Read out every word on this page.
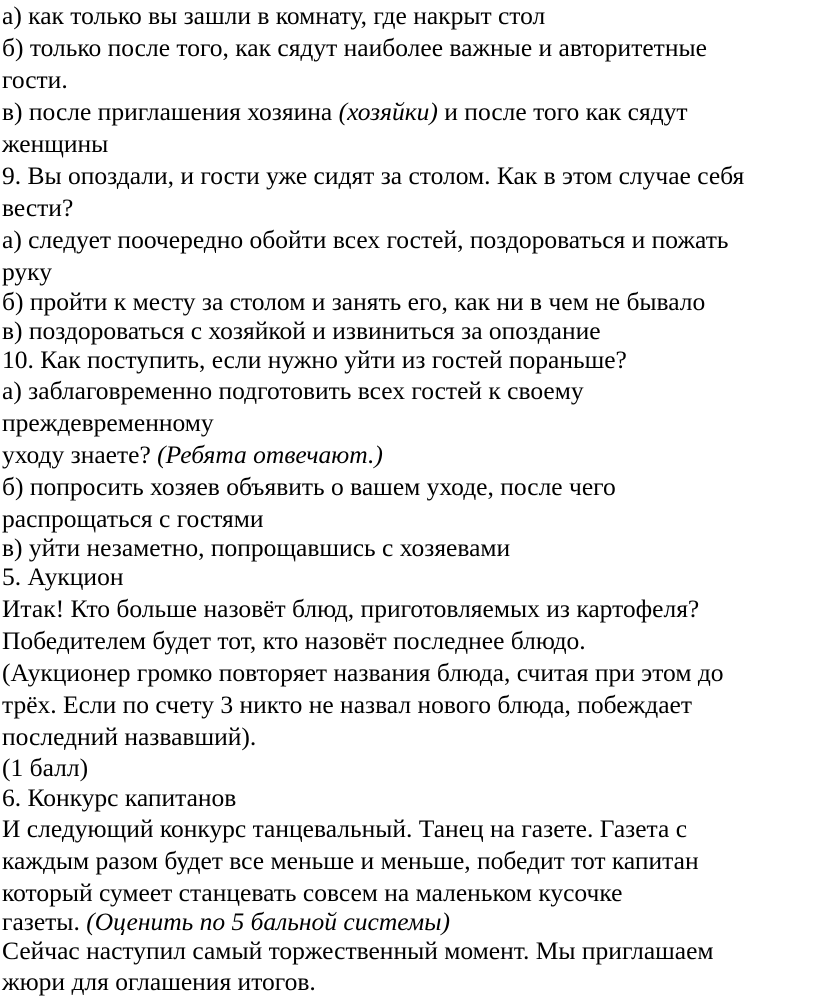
а) как только вы зашли в комнату, где накрыт стол

б) только после того, как сядут наиболее важные и авторитетные

гости.

в) после приглашения хозяина (хозяйки) и после того как сядут

женщины

9. Вы опоздали, и гости уже сидят за столом. Как в этом случае себя

вести?

а) следует поочередно обойти всех гостей, поздороваться и пожать

руку

б) пройти к месту за столом и занять его, как ни в чем не бывало

в) поздороваться с хозяйкой и извиниться за опоздание

10. Как поступить, если нужно уйти из гостей пораньше?

а) заблаговременно подготовить всех гостей к своему

преждевременному

уходу знаете? (Ребята отвечают.)

б) попросить хозяев объявить о вашем уходе, после чего

распрощаться с гостями

в) уйти незаметно, попрощавшись с хозяевами

5. Аукцион

Итак! Кто больше назовёт блюд, приготовляемых из картофеля?

Победителем будет тот, кто назовёт последнее блюдо.

(Аукционер громко повторяет названия блюда, считая при этом до

трёх. Если по счету 3 никто не назвал нового блюда, побеждает

последний назвавший).

(1 балл)

6. Конкурс капитанов

И следующий конкурс танцевальный. Танец на газете. Газета с

каждым разом будет все меньше и меньше, победит тот капитан

который сумеет станцевать совсем на маленьком кусочке

газеты. (Оценить по 5 бальной системы)

Сейчас наступил самый торжественный момент. Мы приглашаем

жюри для оглашения итогов.
